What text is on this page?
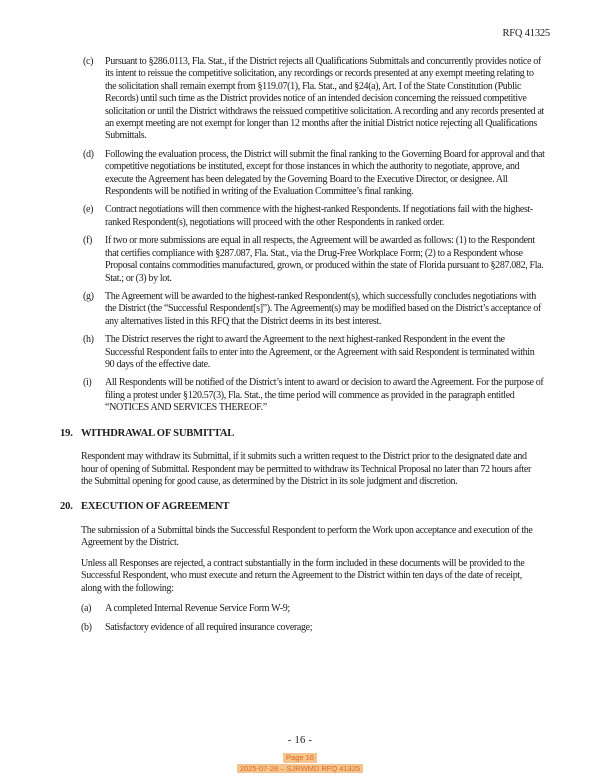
RFQ 41325
(c)	Pursuant to §286.0113, Fla. Stat., if the District rejects all Qualifications Submittals and concurrently provides notice of its intent to reissue the competitive solicitation, any recordings or records presented at any exempt meeting relating to the solicitation shall remain exempt from §119.07(1), Fla. Stat., and §24(a), Art. I of the State Constitution (Public Records) until such time as the District provides notice of an intended decision concerning the reissued competitive solicitation or until the District withdraws the reissued competitive solicitation. A recording and any records presented at an exempt meeting are not exempt for longer than 12 months after the initial District notice rejecting all Qualifications Submittals.
(d)	Following the evaluation process, the District will submit the final ranking to the Governing Board for approval and that competitive negotiations be instituted, except for those instances in which the authority to negotiate, approve, and execute the Agreement has been delegated by the Governing Board to the Executive Director, or designee. All Respondents will be notified in writing of the Evaluation Committee’s final ranking.
(e)	Contract negotiations will then commence with the highest-ranked Respondents. If negotiations fail with the highest-ranked Respondent(s), negotiations will proceed with the other Respondents in ranked order.
(f)	If two or more submissions are equal in all respects, the Agreement will be awarded as follows: (1) to the Respondent that certifies compliance with §287.087, Fla. Stat., via the Drug-Free Workplace Form; (2) to a Respondent whose Proposal contains commodities manufactured, grown, or produced within the state of Florida pursuant to §287.082, Fla. Stat.; or (3) by lot.
(g)	The Agreement will be awarded to the highest-ranked Respondent(s), which successfully concludes negotiations with the District (the “Successful Respondent[s]”). The Agreement(s) may be modified based on the District’s acceptance of any alternatives listed in this RFQ that the District deems in its best interest.
(h)	The District reserves the right to award the Agreement to the next highest-ranked Respondent in the event the Successful Respondent fails to enter into the Agreement, or the Agreement with said Respondent is terminated within 90 days of the effective date.
(i)	All Respondents will be notified of the District’s intent to award or decision to award the Agreement. For the purpose of filing a protest under §120.57(3), Fla. Stat., the time period will commence as provided in the paragraph entitled “NOTICES AND SERVICES THEREOF.”
19. WITHDRAWAL OF SUBMITTAL

Respondent may withdraw its Submittal, if it submits such a written request to the District prior to the designated date and hour of opening of Submittal. Respondent may be permitted to withdraw its Technical Proposal no later than 72 hours after the Submittal opening for good cause, as determined by the District in its sole judgment and discretion.

20. EXECUTION OF AGREEMENT

The submission of a Submittal binds the Successful Respondent to perform the Work upon acceptance and execution of the Agreement by the District.

Unless all Responses are rejected, a contract substantially in the form included in these documents will be provided to the Successful Respondent, who must execute and return the Agreement to the District within ten days of the date of receipt, along with the following:

(a)	A completed Internal Revenue Service Form W-9;
(b)	Satisfactory evidence of all required insurance coverage;
- 16 -
Page 16
2025-07-28 – SJRWMD RFQ 41325
